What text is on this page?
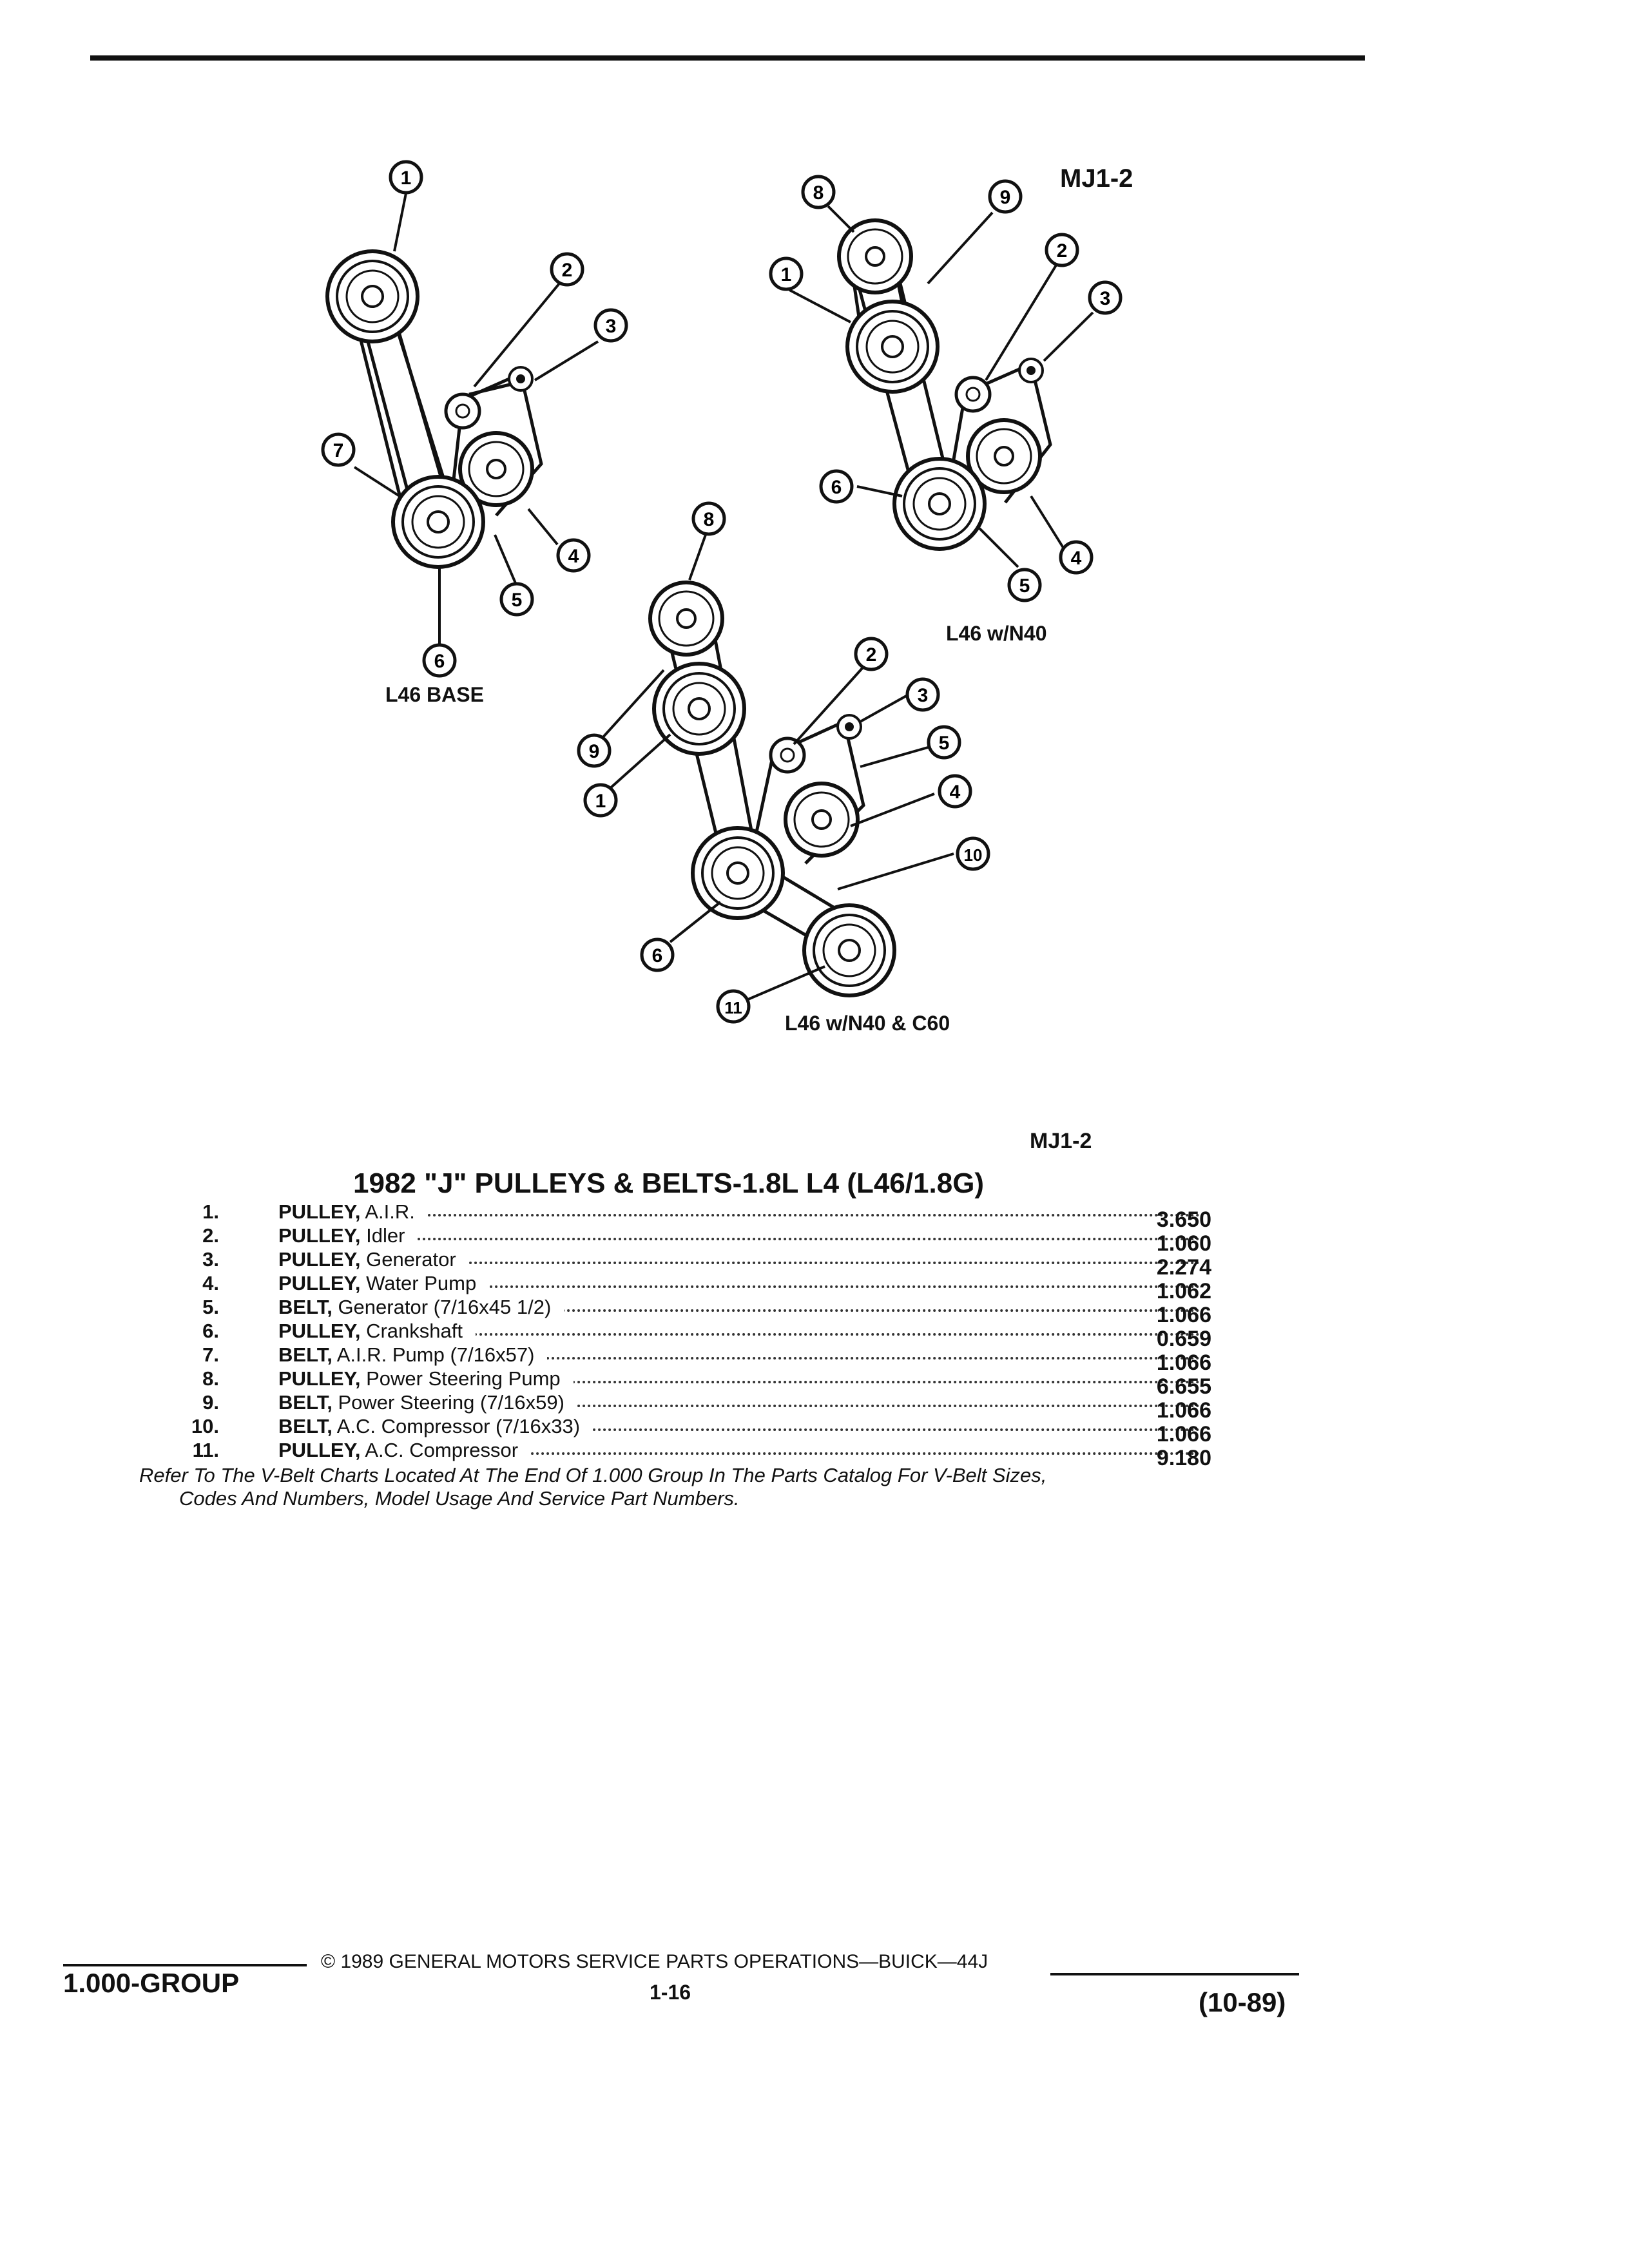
1
2
3
4
5
6
7
8	9
1
2
3
6
4
5
8
2
3
9	5
1	4
10
6
11
MJ1-2
L46 BASE
L46 w/N40
L46 w/N40 & C60
MJ1-2
1982 "J" PULLEYS & BELTS-1.8L L4 (L46/1.8G)
1.	PULLEY, A.I.R.	3.650
2.	PULLEY, Idler	1.060
3.	PULLEY, Generator	2.274
4.	PULLEY, Water Pump	1.062
5.	BELT, Generator (7/16x45 1/2)	1.066
6.	PULLEY, Crankshaft	0.659
7.	BELT, A.I.R. Pump (7/16x57)	1.066
8.	PULLEY, Power Steering Pump	6.655
9.	BELT, Power Steering (7/16x59)	1.066
10.	BELT, A.C. Compressor (7/16x33)	1.066
11.	PULLEY, A.C. Compressor	9.180
Refer To The V-Belt Charts Located At The End Of 1.000 Group In The Parts Catalog For V-Belt Sizes,
Codes And Numbers, Model Usage And Service Part Numbers.
1.000-GROUP
© 1989 GENERAL MOTORS SERVICE PARTS OPERATIONS—BUICK—44J
1-16	(10-89)
